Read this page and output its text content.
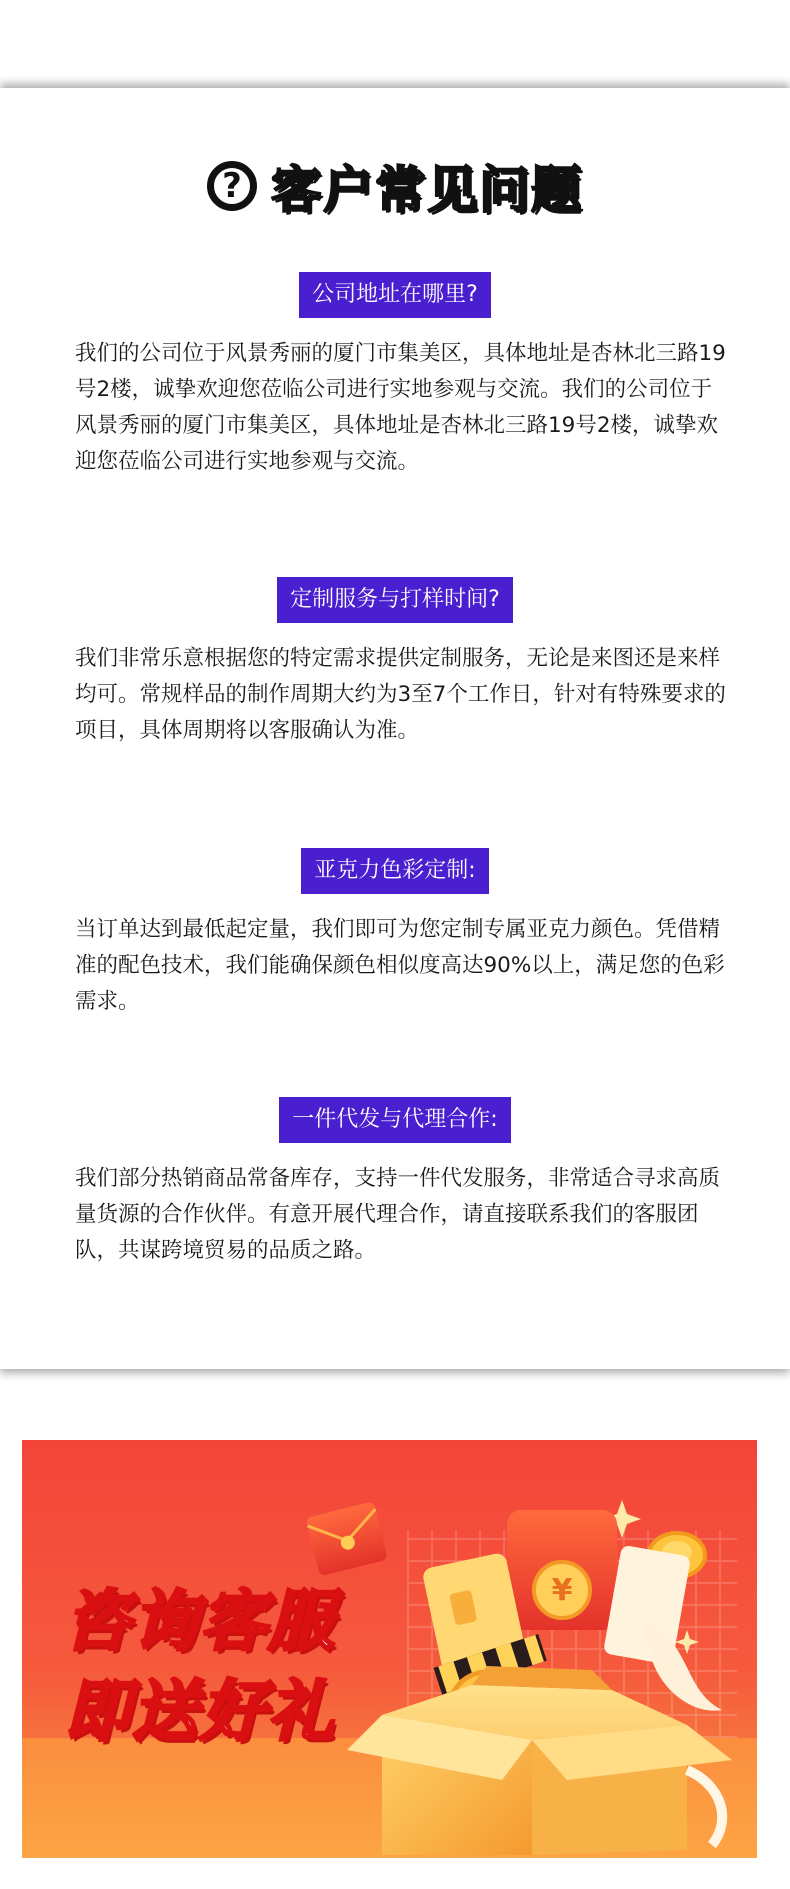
? 客户常见问题
公司地址在哪里?
我们的公司位于风景秀丽的厦门市集美区，具体地址是杏林北三路19号2楼，诚挚欢迎您莅临公司进行实地参观与交流。我们的公司位于风景秀丽的厦门市集美区，具体地址是杏林北三路19号2楼，诚挚欢迎您莅临公司进行实地参观与交流。
定制服务与打样时间?
我们非常乐意根据您的特定需求提供定制服务，无论是来图还是来样均可。常规样品的制作周期大约为3至7个工作日，针对有特殊要求的项目，具体周期将以客服确认为准。
亚克力色彩定制:
当订单达到最低起定量，我们即可为您定制专属亚克力颜色。凭借精准的配色技术，我们能确保颜色相似度高达90%以上，满足您的色彩需求。
一件代发与代理合作:
我们部分热销商品常备库存，支持一件代发服务，非常适合寻求高质量货源的合作伙伴。有意开展代理合作，请直接联系我们的客服团队，共谋跨境贸易的品质之路。
咨询客服
即送好礼
¥
